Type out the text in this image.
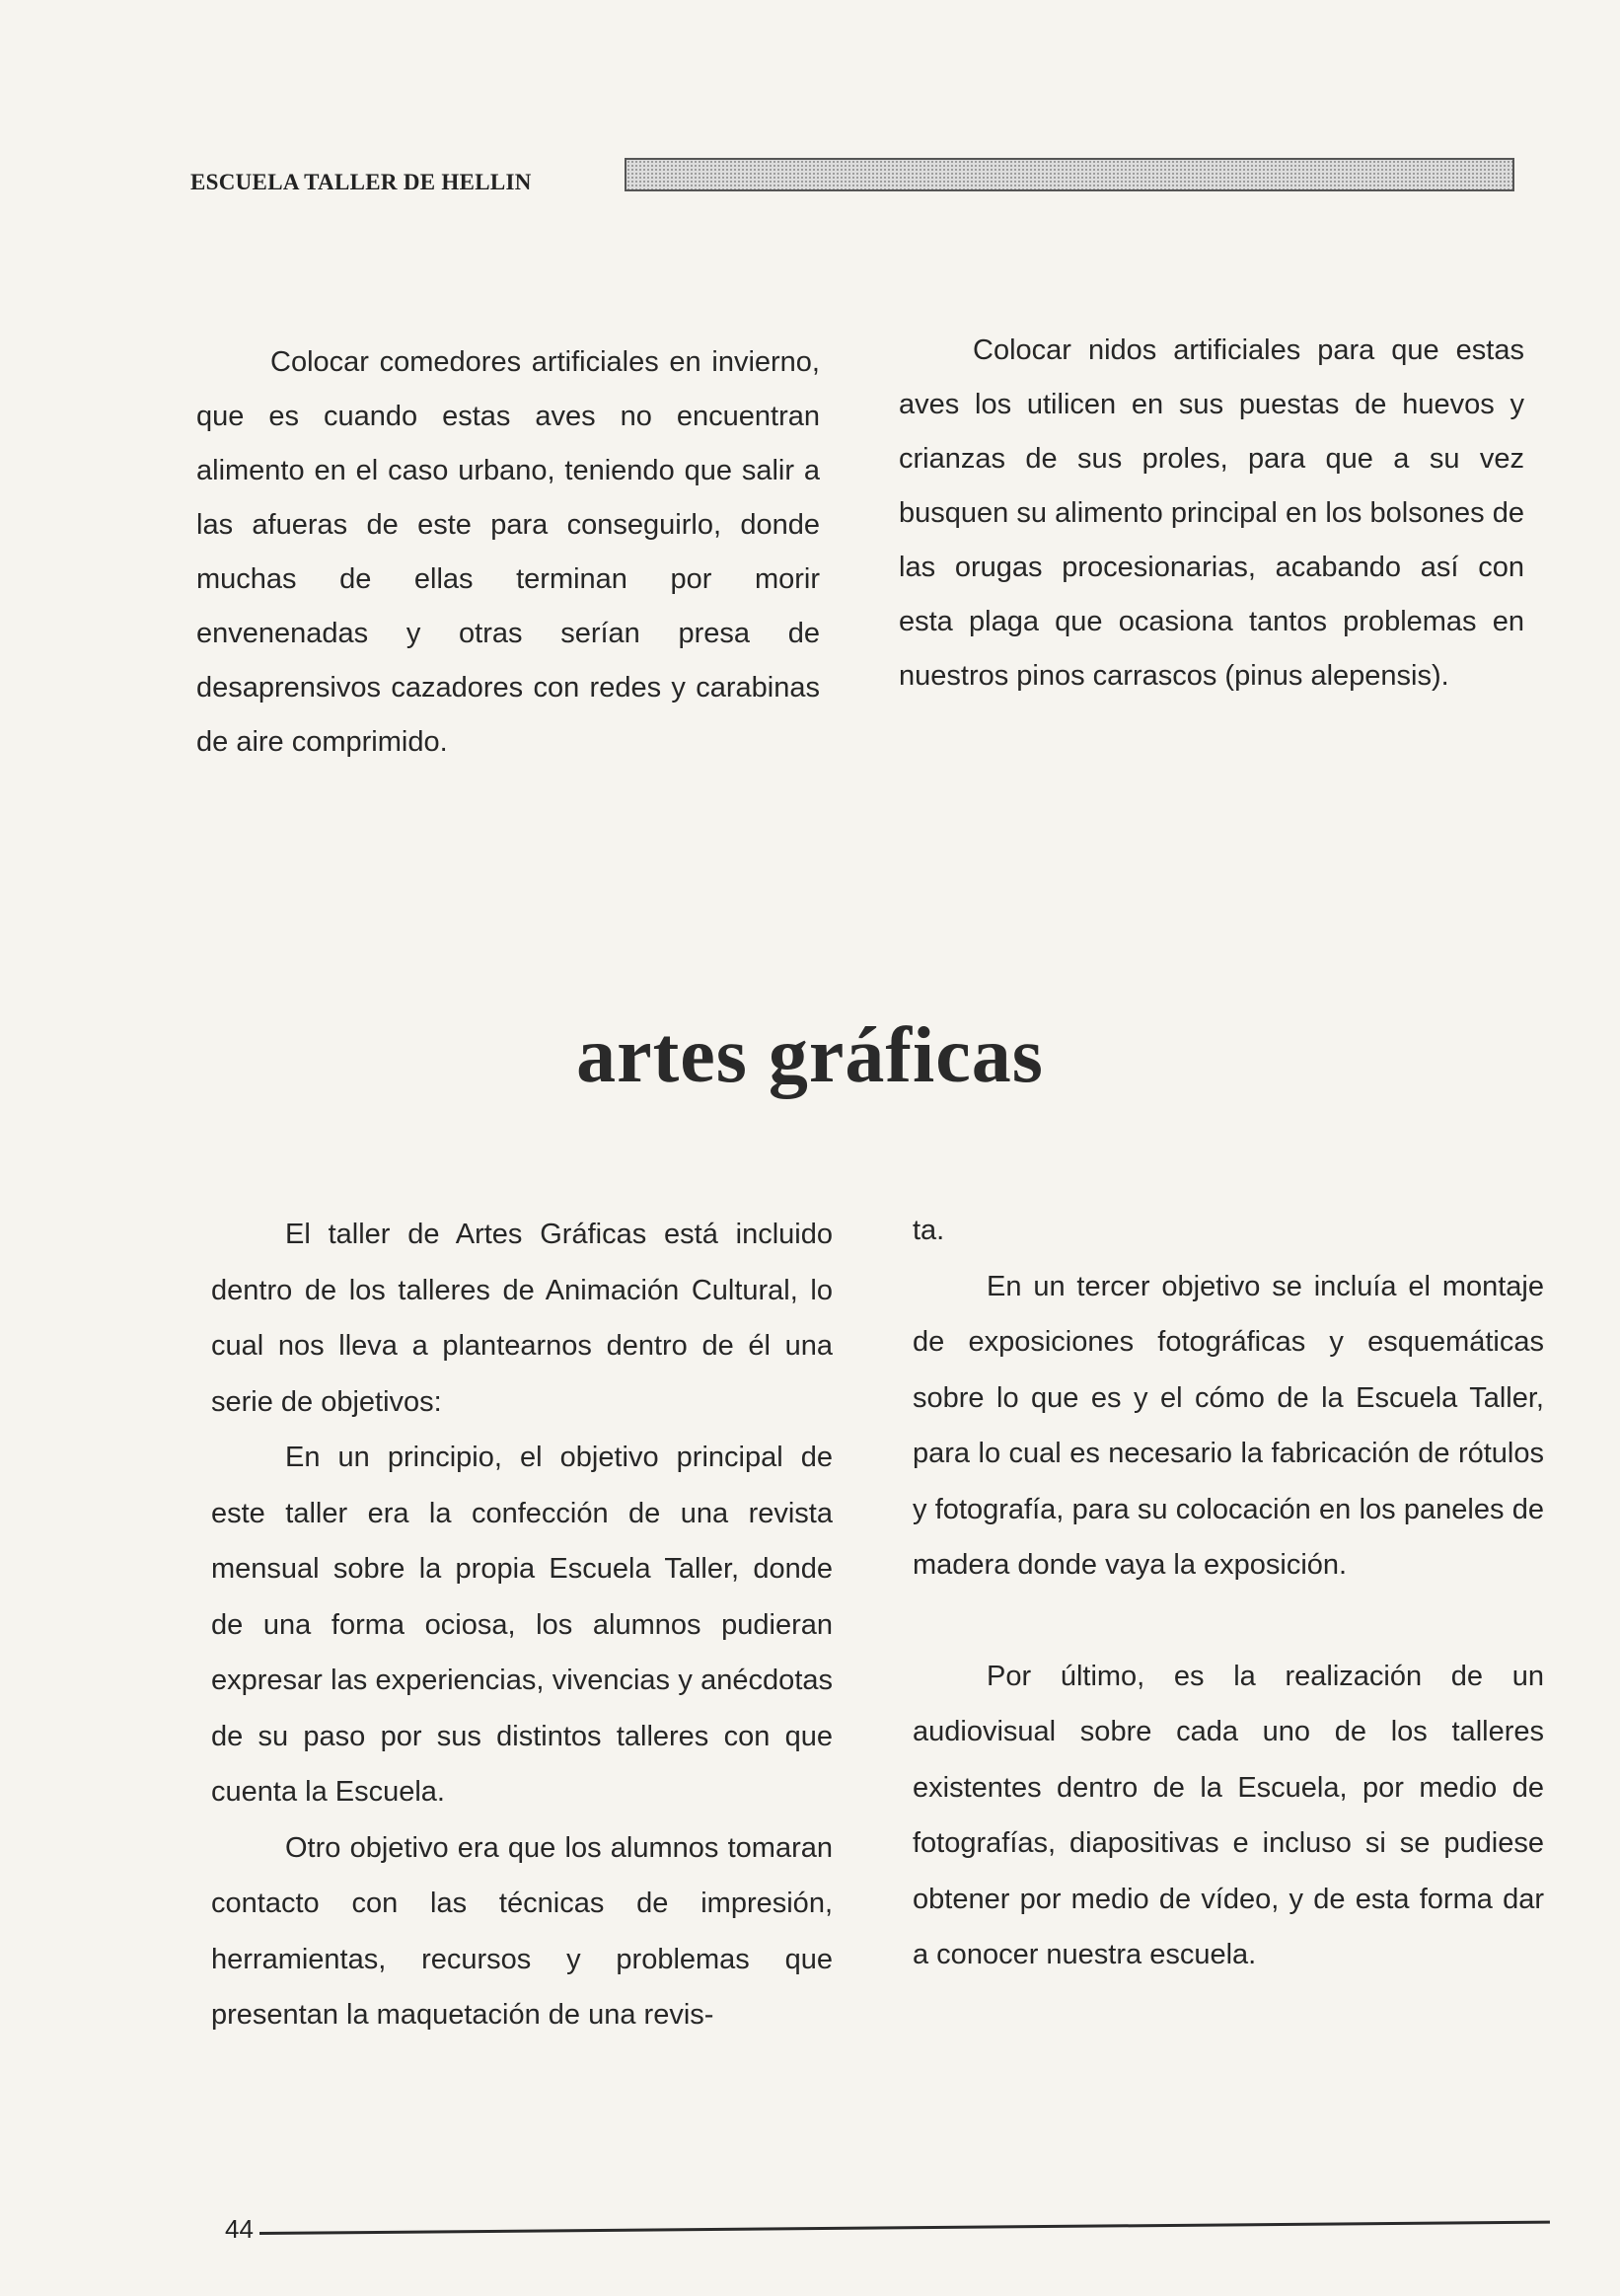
ESCUELA TALLER DE HELLIN

Colocar comedores artificiales en invierno, que es cuando estas aves no encuentran alimento en el caso urbano, teniendo que salir a las afueras de este para conseguirlo, donde muchas de ellas terminan por morir envenenadas y otras serían presa de desaprensivos cazadores con redes y carabinas de aire comprimido.

Colocar nidos artificiales para que estas aves los utilicen en sus puestas de huevos y crianzas de sus proles, para que a su vez busquen su alimento principal en los bolsones de las orugas procesionarias, acabando así con esta plaga que ocasiona tantos problemas en nuestros pinos carrascos (pinus alepensis).

artes gráficas

El taller de Artes Gráficas está incluido dentro de los talleres de Animación Cultural, lo cual nos lleva a plantearnos dentro de él una serie de objetivos:

En un principio, el objetivo principal de este taller era la confección de una revista mensual sobre la propia Escuela Taller, donde de una forma ociosa, los alumnos pudieran expresar las experiencias, vivencias y anécdotas de su paso por sus distintos talleres con que cuenta la Escuela.

Otro objetivo era que los alumnos tomaran contacto con las técnicas de impresión, herramientas, recursos y problemas que presentan la maquetación de una revis-

ta.

En un tercer objetivo se incluía el montaje de exposiciones fotográficas y esquemáticas sobre lo que es y el cómo de la Escuela Taller, para lo cual es necesario la fabricación de rótulos y fotografía, para su colocación en los paneles de madera donde vaya la exposición.

Por último, es la realización de un audiovisual sobre cada uno de los talleres existentes dentro de la Escuela, por medio de fotografías, diapositivas e incluso si se pudiese obtener por medio de vídeo, y de esta forma dar a conocer nuestra escuela.

44
